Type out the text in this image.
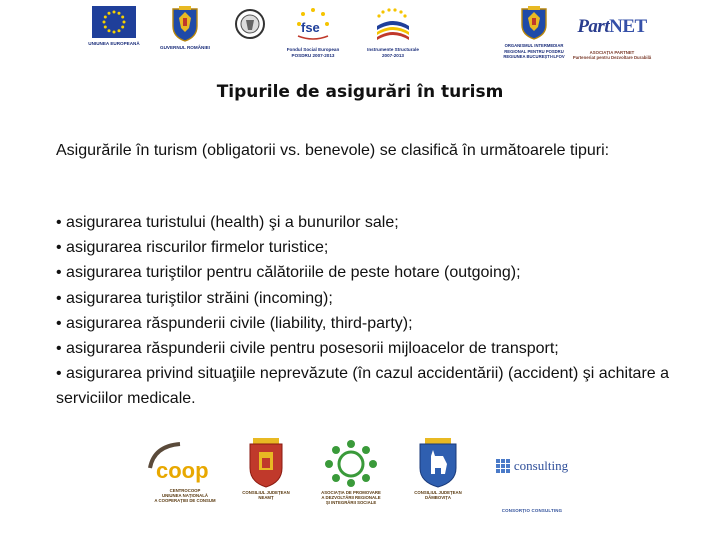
UNIUNEA EUROPEANĂ
GUVERNUL ROMÂNIEI
fse
Fondul Social European
POSDRU 2007-2013
Instrumente Structurale
2007-2013
ORGANISMUL INTERMEDIAR
REGIONAL PENTRU POSDRU
REGIUNEA BUCUREȘTI-ILFOV
PartNET
ASOCIAȚIA PARTNET
Parteneriat pentru Dezvoltare Durabilă
Tipurile de asigurări în turism
Asigurările în turism (obligatorii vs. benevole) se clasifică în următoarele tipuri:

• asigurarea turistului (health) şi a bunurilor sale;

• asigurarea riscurilor firmelor turistice;

• asigurarea turiştilor pentru călătoriile de peste hotare (outgoing);

• asigurarea turiştilor străini (incoming);

• asigurarea răspunderii civile (liability, third-party);

• asigurarea răspunderii civile pentru posesorii mijloacelor de transport;

• asigurarea privind situaţiile neprevăzute (în cazul accidentării) (accident) şi achitare a serviciilor medicale.

coop
CENTROCOOP
UNIUNEA NAȚIONALĂ
A COOPERAȚIEI DE CONSUM
CONSILIUL JUDEȚEAN
NEAMȚ
ASOCIAȚIA DE PROMOVARE
A DEZVOLTĂRII REGIONALE
ȘI INTEGRĂRII SOCIALE
CONSILIUL JUDEȚEAN
DÂMBOVIȚA
consulting
CONSORȚIO CONSULTING
